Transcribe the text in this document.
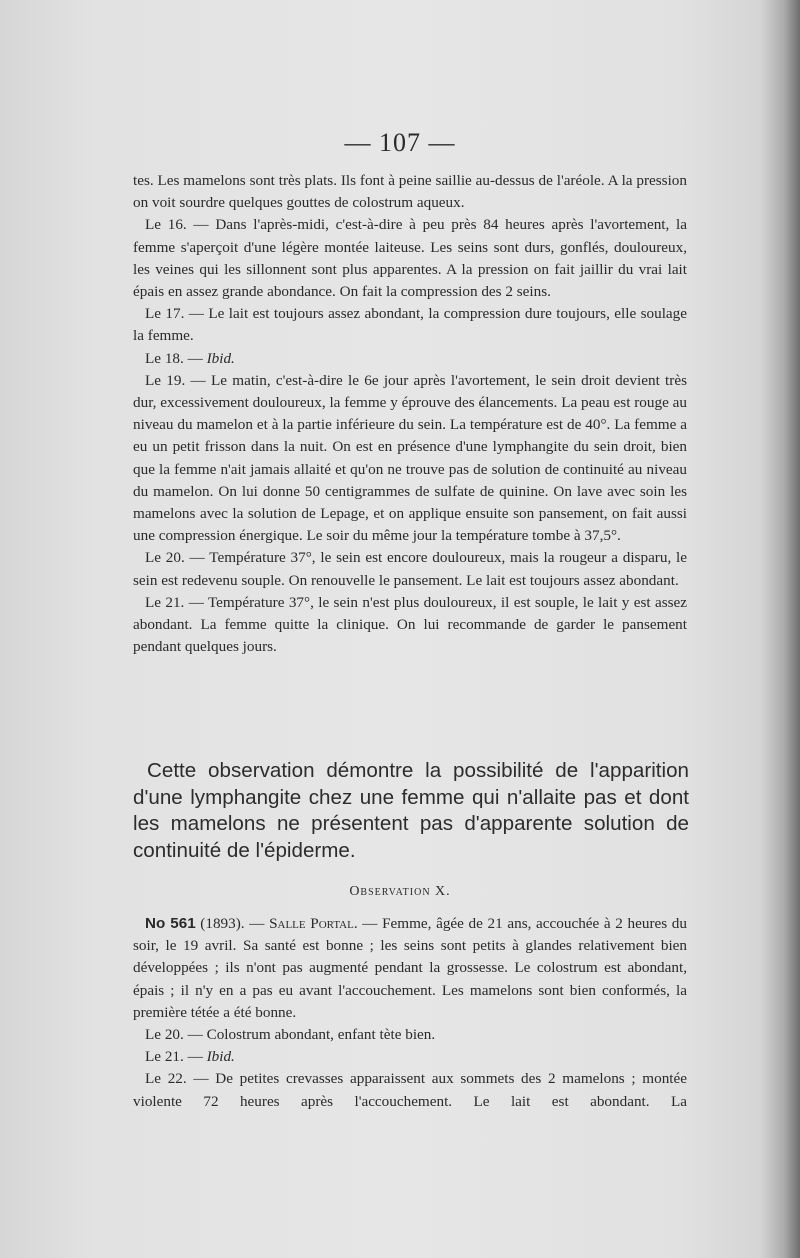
— 107 —

tes. Les mamelons sont très plats. Ils font à peine saillie au-dessus de l'aréole. A la pression on voit sourdre quelques gouttes de colostrum aqueux.

Le 16. — Dans l'après-midi, c'est-à-dire à peu près 84 heures après l'avortement, la femme s'aperçoit d'une légère montée laiteuse. Les seins sont durs, gonflés, douloureux, les veines qui les sillonnent sont plus apparentes. A la pression on fait jaillir du vrai lait épais en assez grande abondance. On fait la compression des 2 seins.

Le 17. — Le lait est toujours assez abondant, la compression dure toujours, elle soulage la femme.

Le 18. — Ibid.

Le 19. — Le matin, c'est-à-dire le 6e jour après l'avortement, le sein droit devient très dur, excessivement douloureux, la femme y éprouve des élancements. La peau est rouge au niveau du mamelon et à la partie inférieure du sein. La température est de 40°. La femme a eu un petit frisson dans la nuit. On est en présence d'une lymphangite du sein droit, bien que la femme n'ait jamais allaité et qu'on ne trouve pas de solution de continuité au niveau du mamelon. On lui donne 50 centigrammes de sulfate de quinine. On lave avec soin les mamelons avec la solution de Lepage, et on applique ensuite son pansement, on fait aussi une compression énergique. Le soir du même jour la température tombe à 37,5°.

Le 20. — Température 37°, le sein est encore douloureux, mais la rougeur a disparu, le sein est redevenu souple. On renouvelle le pansement. Le lait est toujours assez abondant.

Le 21. — Température 37°, le sein n'est plus douloureux, il est souple, le lait y est assez abondant. La femme quitte la clinique. On lui recommande de garder le pansement pendant quelques jours.

Cette observation démontre la possibilité de l'apparition d'une lymphangite chez une femme qui n'allaite pas et dont les mamelons ne présentent pas d'apparente solution de continuité de l'épiderme.

Observation X.

No 561 (1893). — Salle Portal. — Femme, âgée de 21 ans, accouchée à 2 heures du soir, le 19 avril. Sa santé est bonne ; les seins sont petits à glandes relativement bien développées ; ils n'ont pas augmenté pendant la grossesse. Le colostrum est abondant, épais ; il n'y en a pas eu avant l'accouchement. Les mamelons sont bien conformés, la première tétée a été bonne.

Le 20. — Colostrum abondant, enfant tète bien.

Le 21. — Ibid.

Le 22. — De petites crevasses apparaissent aux sommets des 2 mamelons ; montée violente 72 heures après l'accouchement. Le lait est abondant. La
